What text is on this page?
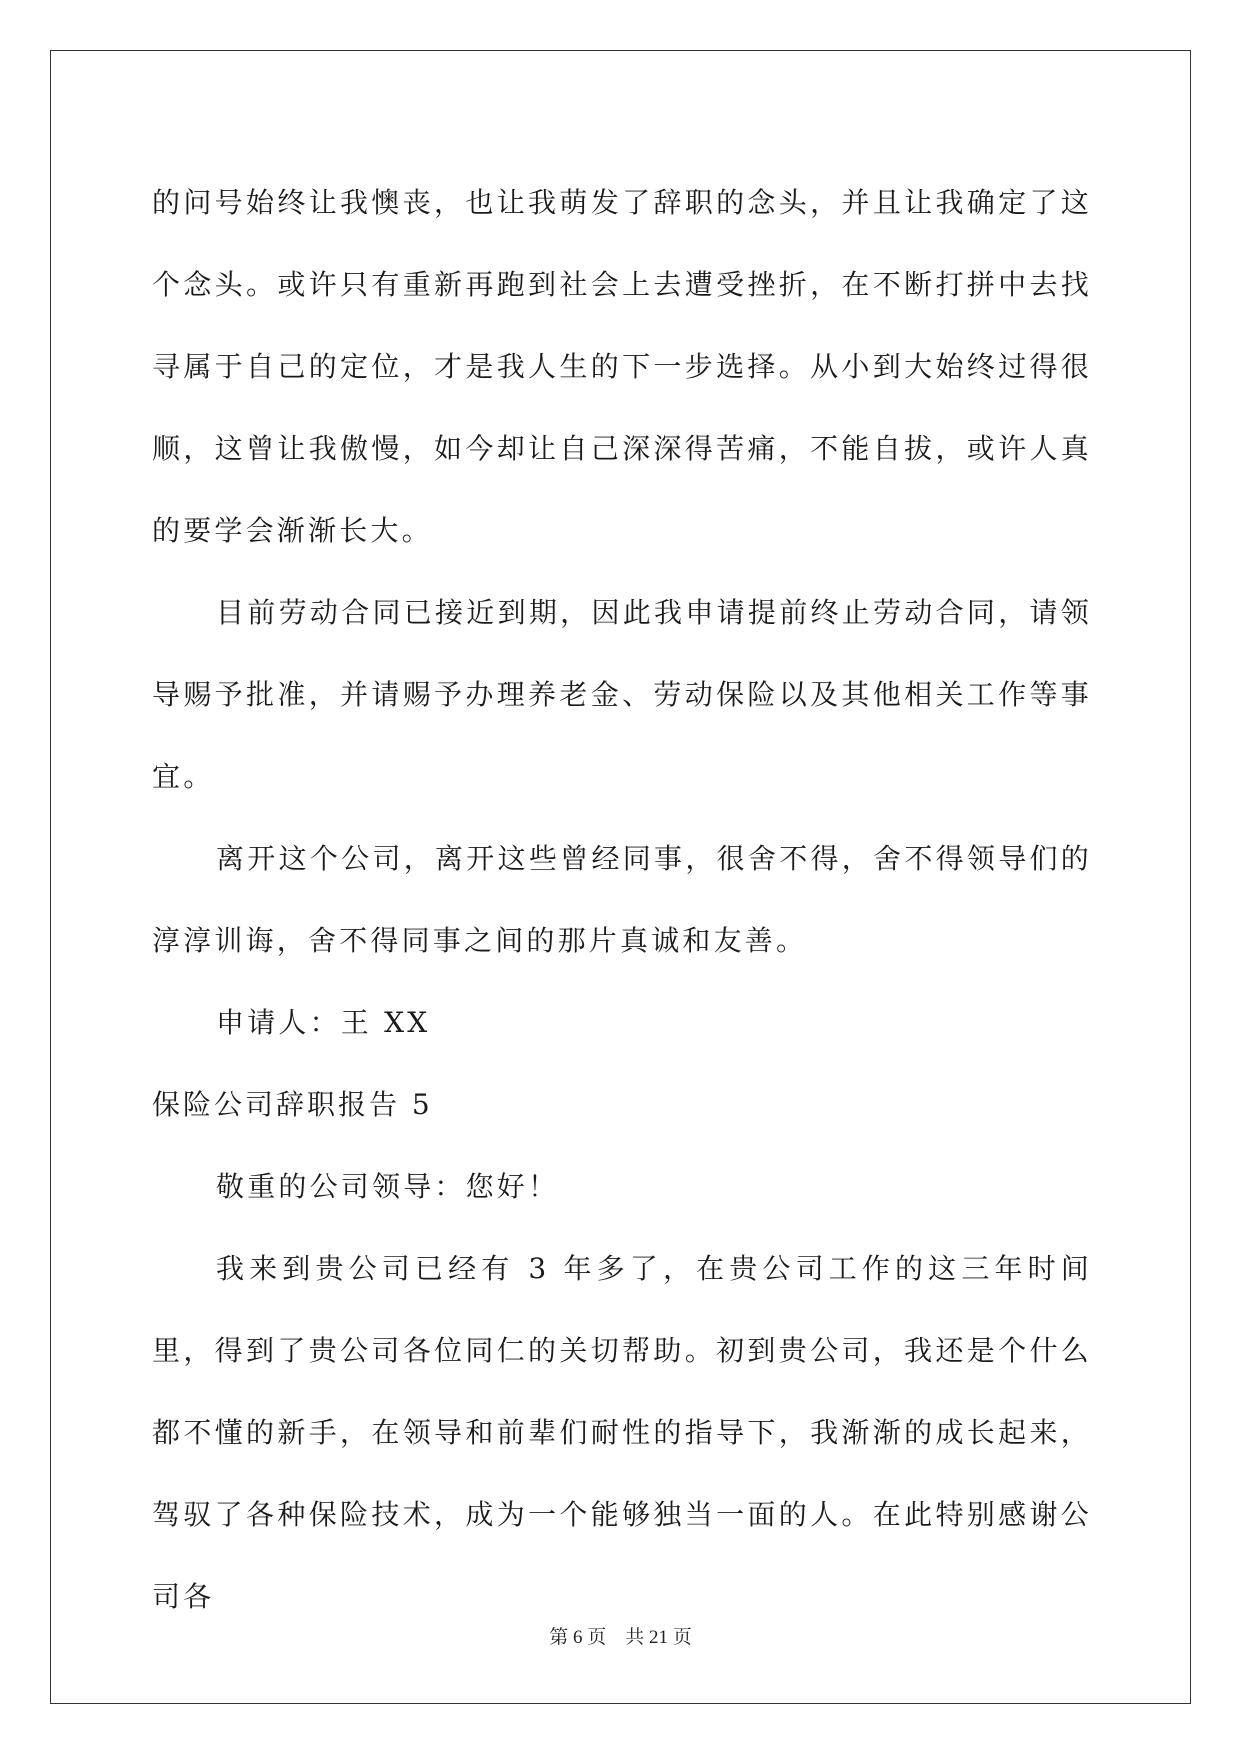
的问号始终让我懊丧，也让我萌发了辞职的念头，并且让我确定了这个念头。或许只有重新再跑到社会上去遭受挫折，在不断打拼中去找寻属于自己的定位，才是我人生的下一步选择。从小到大始终过得很顺，这曾让我傲慢，如今却让自己深深得苦痛，不能自拔，或许人真的要学会渐渐长大。

目前劳动合同已接近到期，因此我申请提前终止劳动合同，请领导赐予批准，并请赐予办理养老金、劳动保险以及其他相关工作等事宜。

离开这个公司，离开这些曾经同事，很舍不得，舍不得领导们的淳淳训诲，舍不得同事之间的那片真诚和友善。

申请人：王 XX

保险公司辞职报告 5

敬重的公司领导：您好！

我来到贵公司已经有 3 年多了，在贵公司工作的这三年时间里，得到了贵公司各位同仁的关切帮助。初到贵公司，我还是个什么都不懂的新手，在领导和前辈们耐性的指导下，我渐渐的成长起来，驾驭了各种保险技术，成为一个能够独当一面的人。在此特别感谢公司各

第 6 页 共 21 页
